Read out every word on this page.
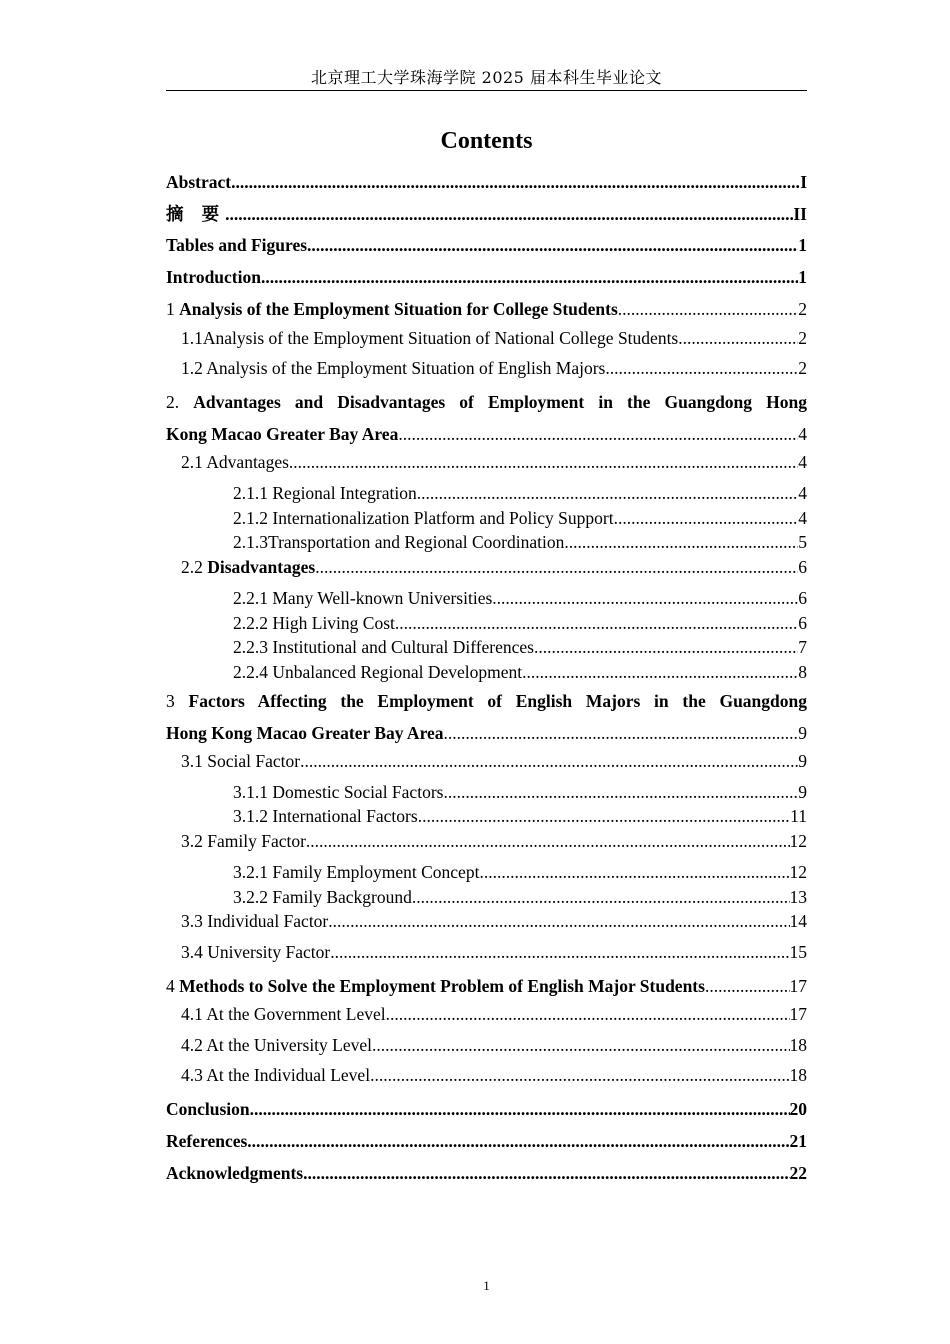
北京理工大学珠海学院 2025 届本科生毕业论文
Contents
Abstract .....	I
摘 要 .....	II
Tables and Figures .....	1
Introduction .....	1
1 Analysis of the Employment Situation for College Students .....	2
1.1Analysis of the Employment Situation of National College Students .....	2
1.2 Analysis of the Employment Situation of English Majors .....	2
2. Advantages and Disadvantages of Employment in the Guangdong Hong
Kong Macao Greater Bay Area .....	4
2.1 Advantages .....	4
2.1.1 Regional Integration .....	4
2.1.2 Internationalization Platform and Policy Support .....	4
2.1.3Transportation and Regional Coordination .....	5
2.2 Disadvantages .....	6
2.2.1 Many Well-known Universities .....	6
2.2.2 High Living Cost .....	6
2.2.3 Institutional and Cultural Differences .....	7
2.2.4 Unbalanced Regional Development .....	8
3 Factors Affecting the Employment of English Majors in the Guangdong
Hong Kong Macao Greater Bay Area .....	9
3.1 Social Factor .....	9
3.1.1 Domestic Social Factors .....	9
3.1.2 International Factors .....	11
3.2 Family Factor .....	12
3.2.1 Family Employment Concept .....	12
3.2.2 Family Background .....	13
3.3 Individual Factor .....	14
3.4 University Factor .....	15
4 Methods to Solve the Employment Problem of English Major Students .....	17
4.1 At the Government Level .....	17
4.2 At the University Level .....	18
4.3 At the Individual Level .....	18
Conclusion .....	20
References .....	21
Acknowledgments .....	22
1
